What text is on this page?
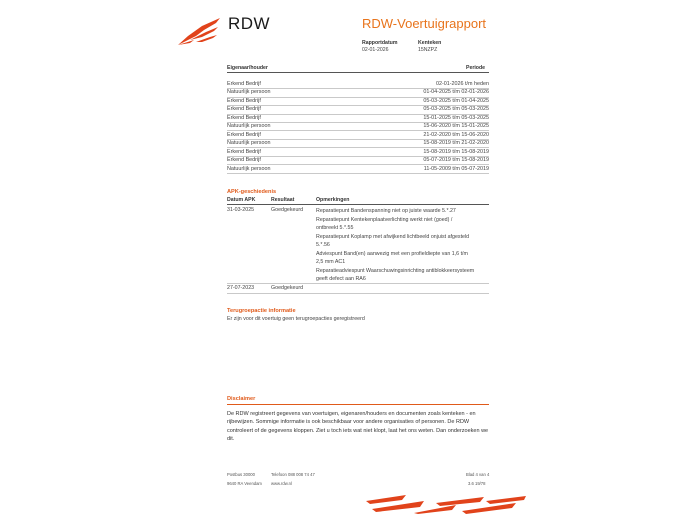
RDW	RDW-Voertuigrapport
Rapportdatum
02-01-2026
Kenteken
15NZPZ
Eigenaar/houder	Periode
Erkend Bedrijf	02-01-2026 t/m heden
Natuurlijk persoon	01-04-2025 t/m 02-01-2026
Erkend Bedrijf	05-03-2025 t/m 01-04-2025
Erkend Bedrijf	05-03-2025 t/m 05-03-2025
Erkend Bedrijf	15-01-2025 t/m 05-03-2025
Natuurlijk persoon	15-06-2020 t/m 15-01-2025
Erkend Bedrijf	21-02-2020 t/m 15-06-2020
Natuurlijk persoon	15-08-2019 t/m 21-02-2020
Erkend Bedrijf	15-08-2019 t/m 15-08-2019
Erkend Bedrijf	05-07-2019 t/m 15-08-2019
Natuurlijk persoon	11-05-2009 t/m 05-07-2019
APK-geschiedenis
Datum APK	Resultaat	Opmerkingen
31-03-2025	Goedgekeurd Reparatiepunt Bandenspanning niet op juiste waarde 5.*.27
Reparatiepunt Kentekenplaatverlichting werkt niet (goed) /
ontbreekt 5.*.55
Reparatiepunt Koplamp met afwijkend lichtbeeld onjuist afgesteld
5.*.56
Adviespunt Band(en) aanwezig met een profieldiepte van 1,6 t/m
2,5 mm AC1
Reparatieadviespunt Waarschuwingsinrichting antiblokkeersysteem
geeft defect aan RA6
27-07-2023	Goedgekeurd
Terugroepactie informatie
Er zijn voor dit voertuig geen terugroepacties geregistreerd
Disclaimer
De RDW registreert gegevens van voertuigen, eigenaren/houders en documenten zoals kenteken - en rijbewijzen. Sommige informatie is ook beschikbaar voor andere organisaties of personen. De RDW controleert of de gegevens kloppen. Ziet u toch iets wat niet klopt, laat het ons weten. Dan onderzoeken we dit.
Postbus 30000
9640 RA Veendam
Telefoon 088 008 74 47
www.rdw.nl
Blad 4 van 4
3.6 19/78
